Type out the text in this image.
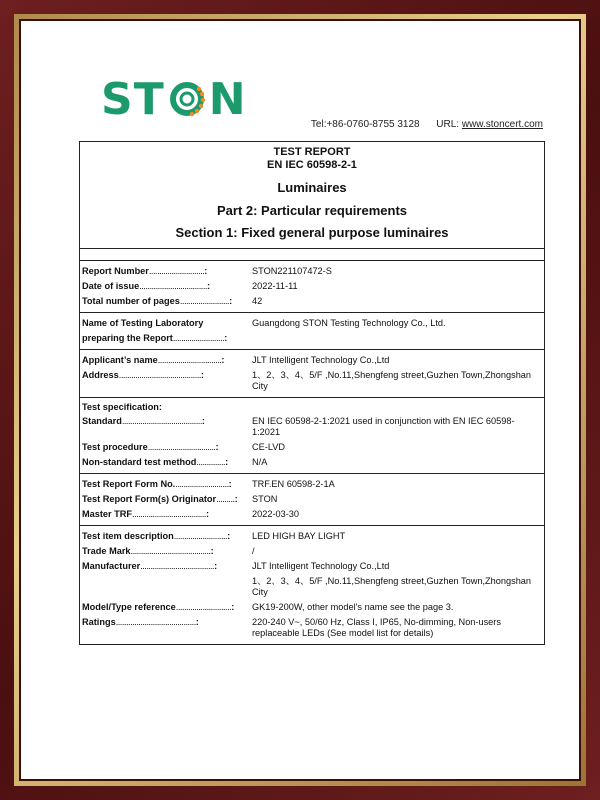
ST N	Tel:+86-0760-8755 3128 URL: www.stoncert.com
TEST REPORT
EN IEC 60598-2-1
Luminaires
Part 2: Particular requirements
Section 1: Fixed general purpose luminaires
Report Number...........................:	STON221107472-S
Date of issue.................................:	2022-11-11
Total number of pages........................:	42
Name of Testing Laboratory	Guangdong STON Testing Technology Co., Ltd.
preparing the Report.........................:
Applicant’s name...............................:	JLT Intelligent Technology Co.,Ltd
Address........................................:	1、2、3、4、5/F ,No.11,Shengfeng street,Guzhen Town,Zhongshan City
Test specification:
Standard.......................................:	EN IEC 60598-2-1:2021 used in conjunction with EN IEC 60598-1:2021
Test procedure.................................:	CE-LVD
Non-standard test method..............:	N/A
Test Report Form No...........................:	TRF.EN 60598-2-1A
Test Report Form(s) Originator.........:	STON
Master TRF....................................:	2022-03-30
Test item description..........................:	LED HIGH BAY LIGHT
Trade Mark.......................................:	/
Manufacturer....................................:	JLT Intelligent Technology Co.,Ltd
1、2、3、4、5/F ,No.11,Shengfeng street,Guzhen Town,Zhongshan City
Model/Type reference...........................:	GK19-200W, other model's name see the page 3.
Ratings.......................................:	220-240 V~, 50/60 Hz, Class I, IP65, No-dimming, Non-users replaceable LEDs (See model list for details)
